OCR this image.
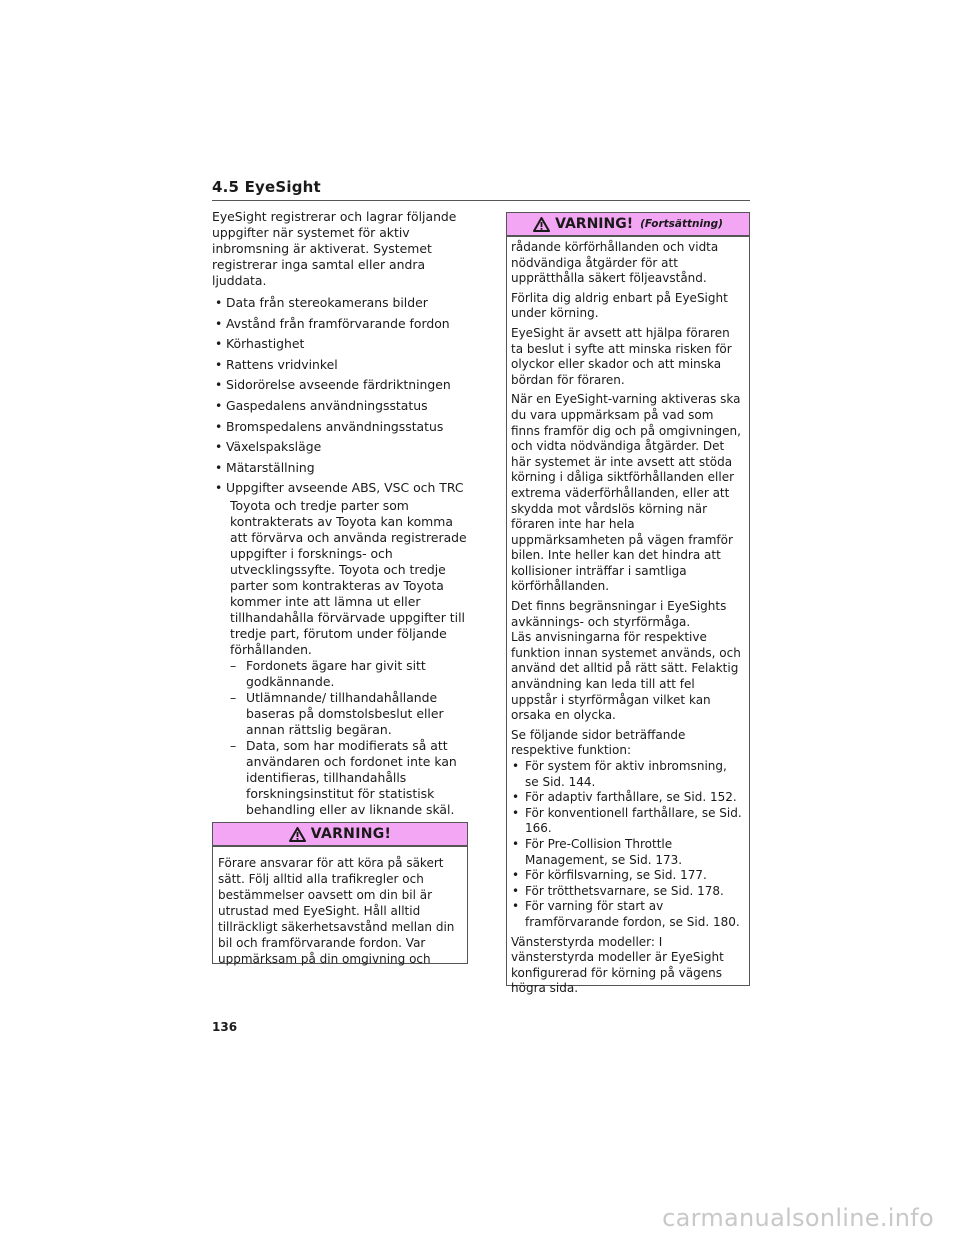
4.5 EyeSight

EyeSight registrerar och lagrar följande uppgifter när systemet för aktiv inbromsning är aktiverat. Systemet registrerar inga samtal eller andra ljuddata.

• Data från stereokamerans bilder
• Avstånd från framförvarande fordon
• Körhastighet
• Rattens vridvinkel
• Sidorörelse avseende färdriktningen
• Gaspedalens användningsstatus
• Bromspedalens användningsstatus
• Växelspaksläge
• Mätarställning
• Uppgifter avseende ABS, VSC och TRC

Toyota och tredje parter som kontrakterats av Toyota kan komma att förvärva och använda registrerade uppgifter i forsknings- och utvecklingssyfte. Toyota och tredje parter som kontrakteras av Toyota kommer inte att lämna ut eller tillhandahålla förvärvade uppgifter till tredje part, förutom under följande förhållanden.

– Fordonets ägare har givit sitt godkännande.
– Utlämnande/ tillhandahållande baseras på domstolsbeslut eller annan rättslig begäran.
– Data, som har modifierats så att användaren och fordonet inte kan identifieras, tillhandahålls forskningsinstitut för statistisk behandling eller av liknande skäl.
VARNING!
Förare ansvarar för att köra på säkert sätt. Följ alltid alla trafikregler och bestämmelser oavsett om din bil är utrustad med EyeSight. Håll alltid tillräckligt säkerhetsavstånd mellan din bil och framförvarande fordon. Var uppmärksam på din omgivning och
VARNING! (Fortsättning)

rådande körförhållanden och vidta nödvändiga åtgärder för att upprätthålla säkert följeavstånd.

Förlita dig aldrig enbart på EyeSight under körning.

EyeSight är avsett att hjälpa föraren ta beslut i syfte att minska risken för olyckor eller skador och att minska bördan för föraren.

När en EyeSight-varning aktiveras ska du vara uppmärksam på vad som finns framför dig och på omgivningen, och vidta nödvändiga åtgärder. Det här systemet är inte avsett att stöda körning i dåliga siktförhållanden eller extrema väderförhållanden, eller att skydda mot vårdslös körning när föraren inte har hela uppmärksamheten på vägen framför bilen. Inte heller kan det hindra att kollisioner inträffar i samtliga körförhållanden.

Det finns begränsningar i EyeSights avkännings- och styrförmåga.

Läs anvisningarna för respektive funktion innan systemet används, och använd det alltid på rätt sätt. Felaktig användning kan leda till att fel uppstår i styrförmågan vilket kan orsaka en olycka.

Se följande sidor beträffande respektive funktion:

• För system för aktiv inbromsning, se Sid. 144.
• För adaptiv farthållare, se Sid. 152.
• För konventionell farthållare, se Sid. 166.
• För Pre-Collision Throttle Management, se Sid. 173.
• För körfilsvarning, se Sid. 177.
• För trötthetsvarnare, se Sid. 178.
• För varning för start av framförvarande fordon, se Sid. 180.

Vänsterstyrda modeller: I vänsterstyrda modeller är EyeSight konfigurerad för körning på vägens högra sida.

136
carmanualsonline.info
